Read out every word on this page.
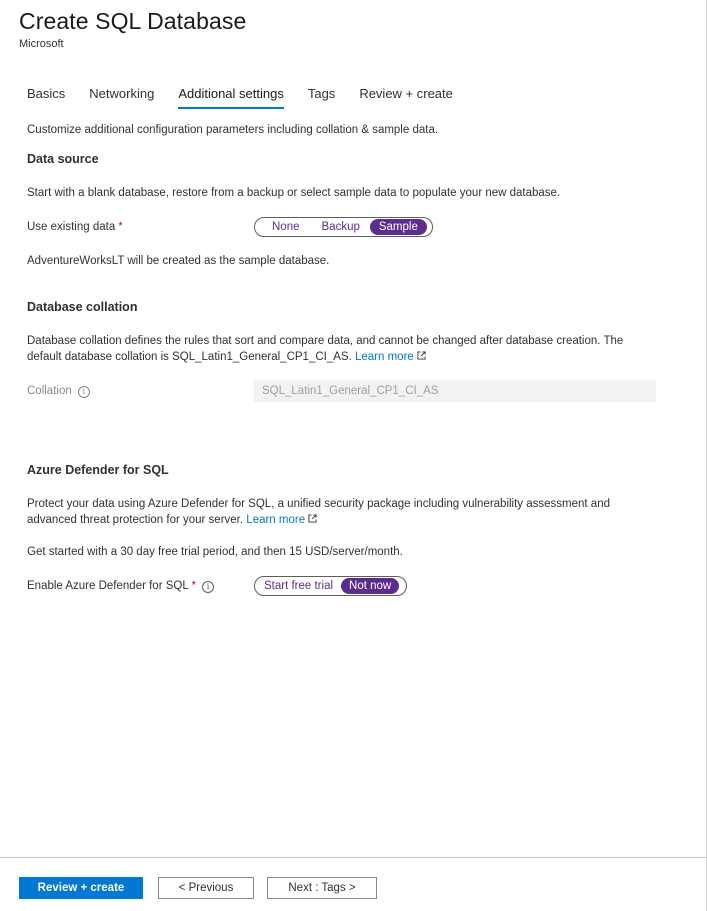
Create SQL Database
Microsoft
Basics Networking Additional settings Tags Review + create
Customize additional configuration parameters including collation & sample data.
Data source
Start with a blank database, restore from a backup or select sample data to populate your new database.
Use existing data *	None	Backup	Sample
AdventureWorksLT will be created as the sample database.
Database collation
Database collation defines the rules that sort and compare data, and cannot be changed after database creation. The
default database collation is SQL_Latin1_General_CP1_CI_AS. Learn more
Collation i	SQL_Latin1_General_CP1_CI_AS
Azure Defender for SQL
Protect your data using Azure Defender for SQL, a unified security package including vulnerability assessment and
advanced threat protection for your server. Learn more
Get started with a 30 day free trial period, and then 15 USD/server/month.
Enable Azure Defender for SQL * i	Start free trial	Not now
Review + create	< Previous	Next : Tags >
